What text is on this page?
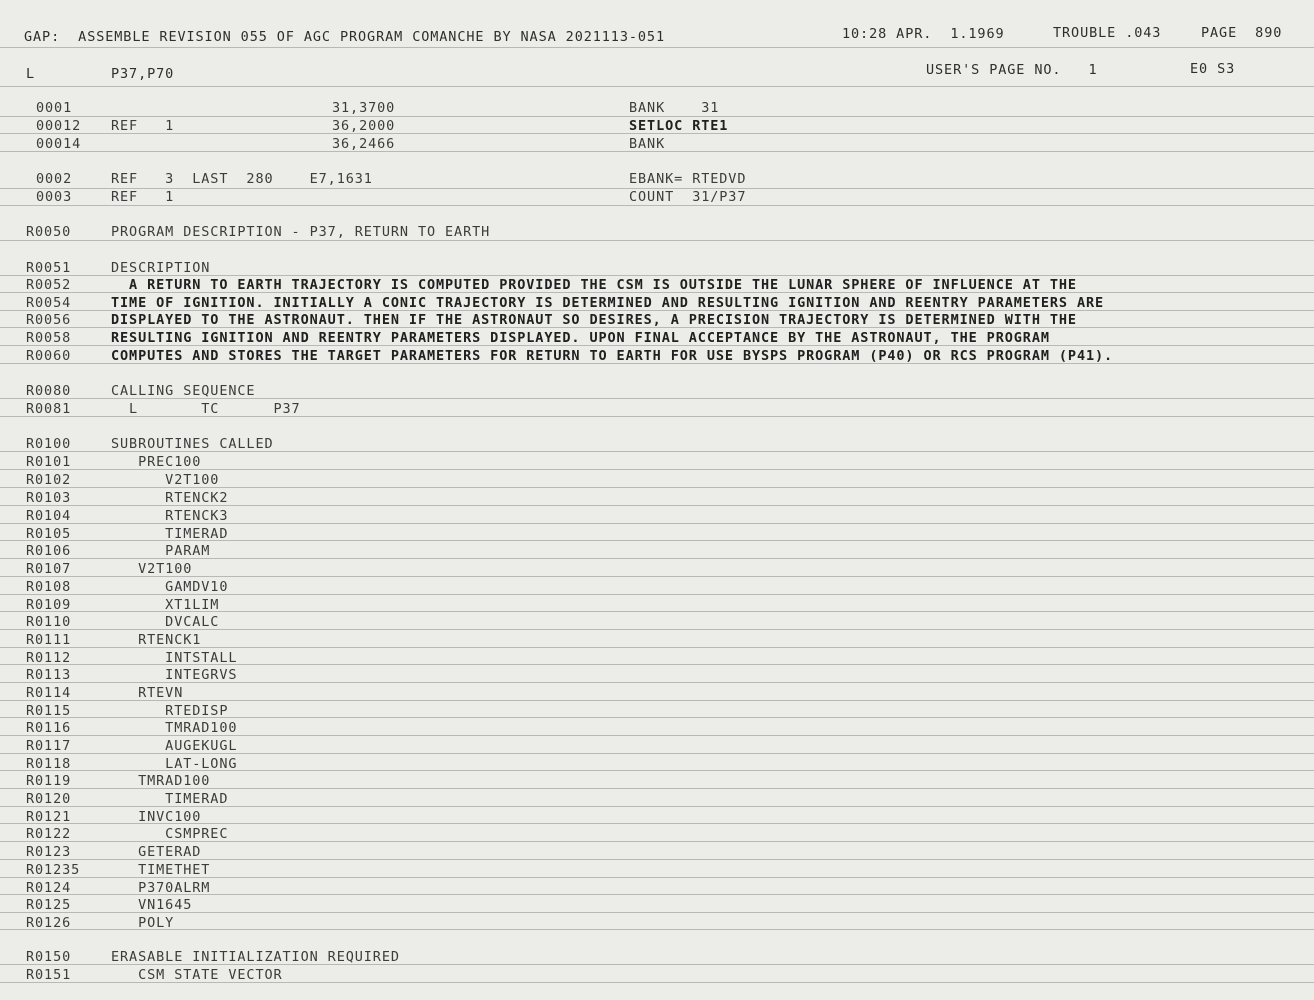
GAP:  ASSEMBLE REVISION 055 OF AGC PROGRAM COMANCHE BY NASA 2021113-051	10:28 APR.  1.1969	TROUBLE .043	PAGE  890
L	P37,P70	USER'S PAGE NO.   1	E0 S3
0001	31,3700	BANK    31
00012 REF   1	36,2000	SETLOC RTE1
00014	36,2466	BANK
0002	REF   3  LAST  280    E7,1631	EBANK= RTEDVD
0003	REF   1	COUNT  31/P37
R0050	PROGRAM DESCRIPTION - P37, RETURN TO EARTH
R0051	DESCRIPTION
R0052	A RETURN TO EARTH TRAJECTORY IS COMPUTED PROVIDED THE CSM IS OUTSIDE THE LUNAR SPHERE OF INFLUENCE AT THE
R0054	TIME OF IGNITION. INITIALLY A CONIC TRAJECTORY IS DETERMINED AND RESULTING IGNITION AND REENTRY PARAMETERS ARE
R0056	DISPLAYED TO THE ASTRONAUT. THEN IF THE ASTRONAUT SO DESIRES, A PRECISION TRAJECTORY IS DETERMINED WITH THE
R0058	RESULTING IGNITION AND REENTRY PARAMETERS DISPLAYED. UPON FINAL ACCEPTANCE BY THE ASTRONAUT, THE PROGRAM
R0060	COMPUTES AND STORES THE TARGET PARAMETERS FOR RETURN TO EARTH FOR USE BYSPS PROGRAM (P40) OR RCS PROGRAM (P41).
R0080	CALLING SEQUENCE
R0081	L       TC      P37
R0100	SUBROUTINES CALLED
R0101	PREC100
R0102	V2T100
R0103	RTENCK2
R0104	RTENCK3
R0105	TIMERAD
R0106	PARAM
R0107	V2T100
R0108	GAMDV10
R0109	XT1LIM
R0110	DVCALC
R0111	RTENCK1
R0112	INTSTALL
R0113	INTEGRVS
R0114	RTEVN
R0115	RTEDISP
R0116	TMRAD100
R0117	AUGEKUGL
R0118	LAT-LONG
R0119	TMRAD100
R0120	TIMERAD
R0121	INVC100
R0122	CSMPREC
R0123	GETERAD
R01235 TIMETHET
R0124	P370ALRM
R0125	VN1645
R0126	POLY
R0150	ERASABLE INITIALIZATION REQUIRED
R0151	CSM STATE VECTOR
